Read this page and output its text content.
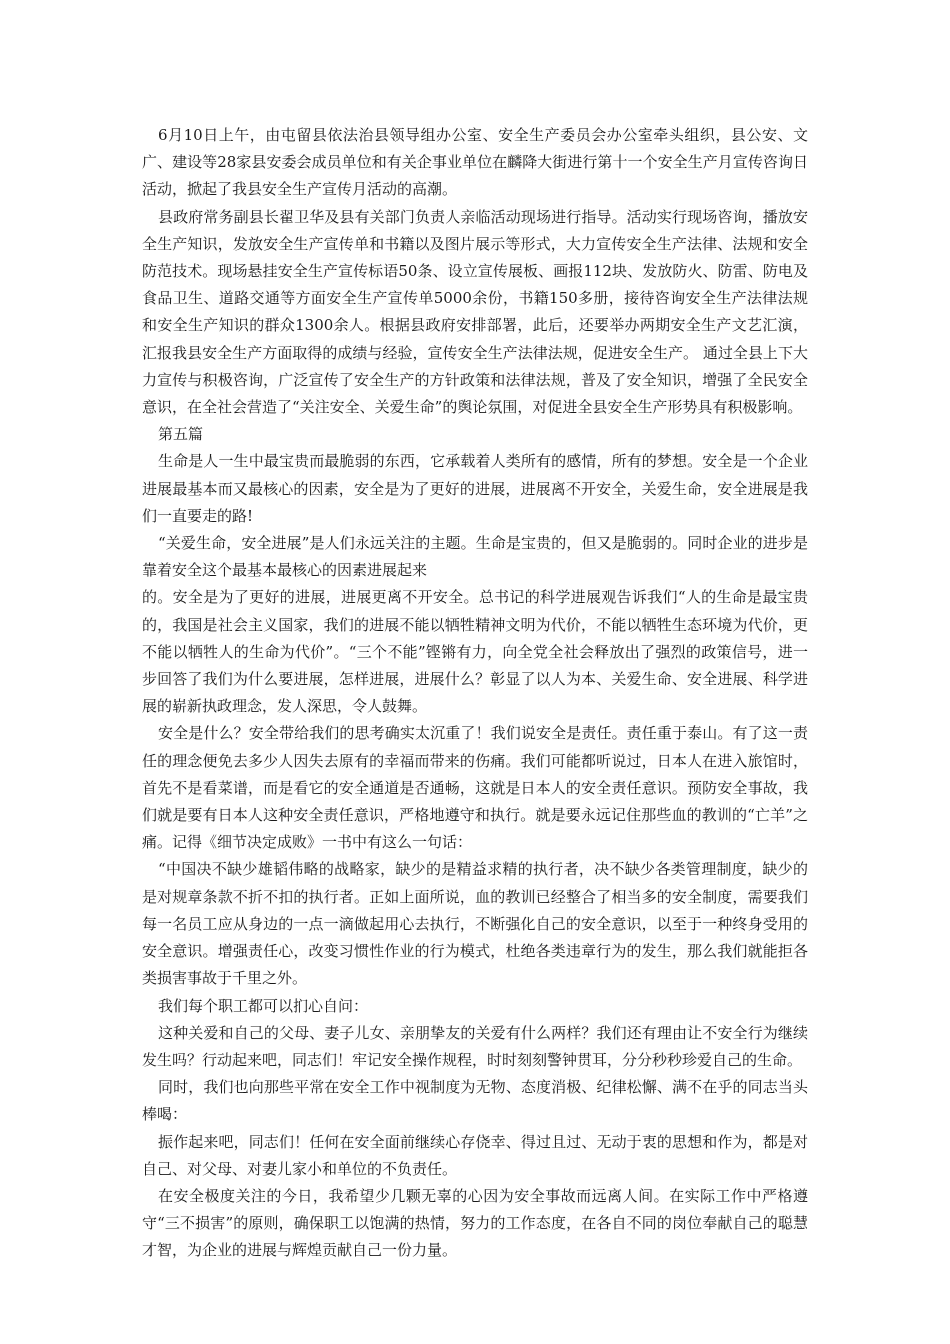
6月10日上午，由屯留县依法治县领导组办公室、安全生产委员会办公室牵头组织，县公安、文广、建设等28家县安委会成员单位和有关企事业单位在麟降大街进行第十一个安全生产月宣传咨询日活动，掀起了我县安全生产宣传月活动的高潮。

县政府常务副县长翟卫华及县有关部门负责人亲临活动现场进行指导。活动实行现场咨询，播放安全生产知识，发放安全生产宣传单和书籍以及图片展示等形式，大力宣传安全生产法律、法规和安全防范技术。现场悬挂安全生产宣传标语50条、设立宣传展板、画报112块、发放防火、防雷、防电及食品卫生、道路交通等方面安全生产宣传单5000余份，书籍150多册，接待咨询安全生产法律法规和安全生产知识的群众1300余人。根据县政府安排部署，此后，还要举办两期安全生产文艺汇演，汇报我县安全生产方面取得的成绩与经验，宣传安全生产法律法规，促进安全生产。 通过全县上下大力宣传与积极咨询，广泛宣传了安全生产的方针政策和法律法规，普及了安全知识，增强了全民安全意识，在全社会营造了“关注安全、关爱生命”的舆论氛围，对促进全县安全生产形势具有积极影响。

第五篇

生命是人一生中最宝贵而最脆弱的东西，它承载着人类所有的感情，所有的梦想。安全是一个企业进展最基本而又最核心的因素，安全是为了更好的进展，进展离不开安全，关爱生命，安全进展是我们一直要走的路!

“关爱生命，安全进展”是人们永远关注的主题。生命是宝贵的，但又是脆弱的。同时企业的进步是靠着安全这个最基本最核心的因素进展起来

的。安全是为了更好的进展，进展更离不开安全。总书记的科学进展观告诉我们“人的生命是最宝贵的，我国是社会主义国家，我们的进展不能以牺牲精神文明为代价，不能以牺牲生态环境为代价，更不能以牺牲人的生命为代价”。“三个不能”铿锵有力，向全党全社会释放出了强烈的政策信号，进一步回答了我们为什么要进展，怎样进展，进展什么？彰显了以人为本、关爱生命、安全进展、科学进展的崭新执政理念，发人深思，令人鼓舞。

安全是什么？安全带给我们的思考确实太沉重了！我们说安全是责任。责任重于泰山。有了这一责任的理念便免去多少人因失去原有的幸福而带来的伤痛。我们可能都听说过，日本人在进入旅馆时，首先不是看菜谱，而是看它的安全通道是否通畅，这就是日本人的安全责任意识。预防安全事故，我们就是要有日本人这种安全责任意识，严格地遵守和执行。就是要永远记住那些血的教训的“亡羊”之痛。记得《细节决定成败》一书中有这么一句话：

“中国决不缺少雄韬伟略的战略家，缺少的是精益求精的执行者，决不缺少各类管理制度，缺少的是对规章条款不折不扣的执行者。正如上面所说，血的教训已经整合了相当多的安全制度，需要我们每一名员工应从身边的一点一滴做起用心去执行，不断强化自己的安全意识，以至于一种终身受用的安全意识。增强责任心，改变习惯性作业的行为模式，杜绝各类违章行为的发生，那么我们就能拒各类损害事故于千里之外。

我们每个职工都可以扪心自问：

这种关爱和自己的父母、妻子儿女、亲朋挚友的关爱有什么两样？我们还有理由让不安全行为继续发生吗？行动起来吧，同志们！牢记安全操作规程，时时刻刻警钟贯耳，分分秒秒珍爱自己的生命。

同时，我们也向那些平常在安全工作中视制度为无物、态度消极、纪律松懈、满不在乎的同志当头棒喝：

振作起来吧，同志们！任何在安全面前继续心存侥幸、得过且过、无动于衷的思想和作为，都是对自己、对父母、对妻儿家小和单位的不负责任。

在安全极度关注的今日，我希望少几颗无辜的心因为安全事故而远离人间。在实际工作中严格遵守“三不损害”的原则，确保职工以饱满的热情，努力的工作态度，在各自不同的岗位奉献自己的聪慧才智，为企业的进展与辉煌贡献自己一份力量。
